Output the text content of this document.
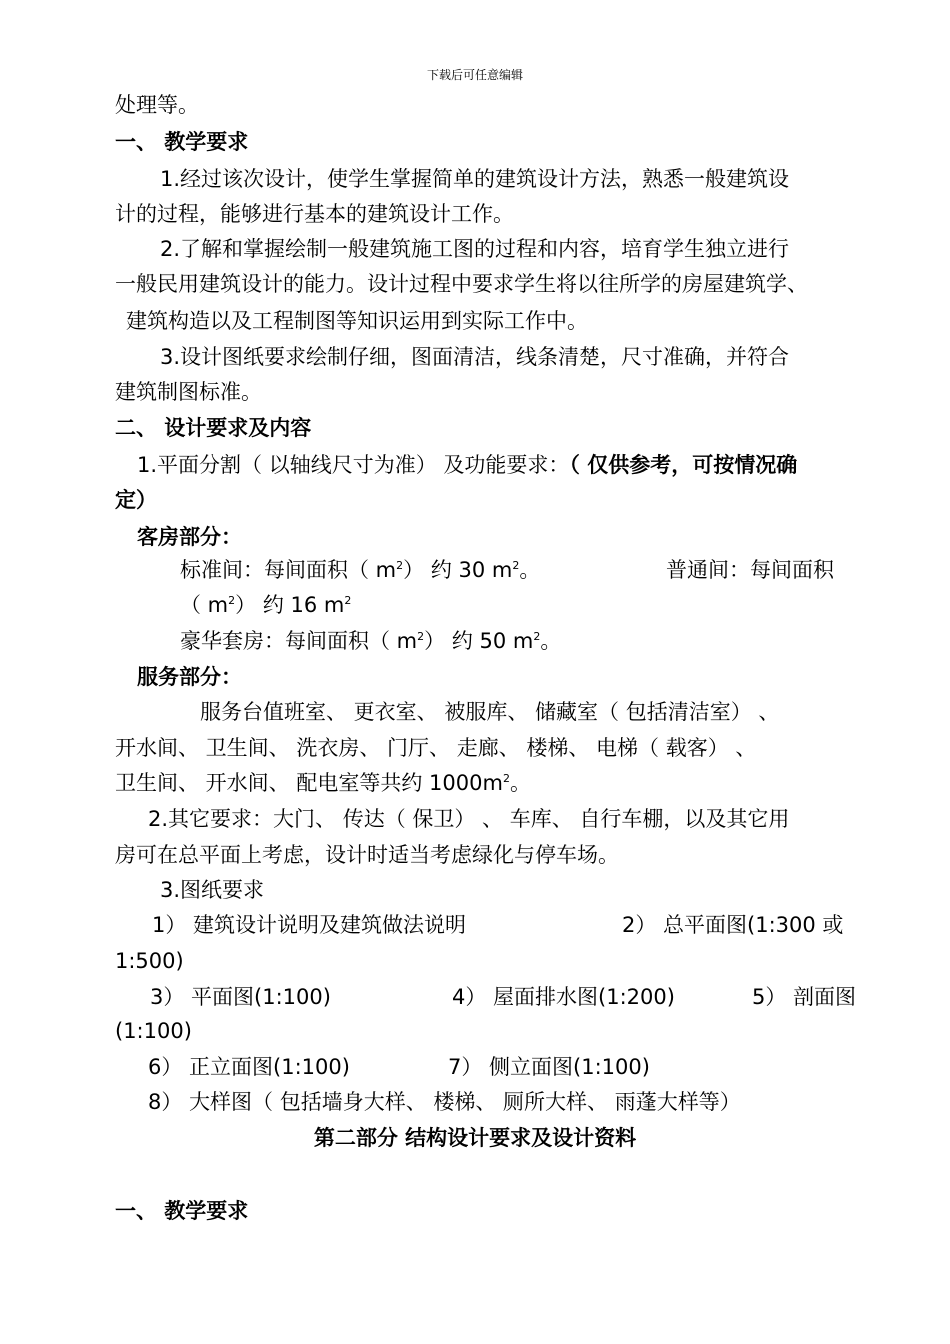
下载后可任意编辑
处理等。
一、 教学要求
1.经过该次设计，使学生掌握简单的建筑设计方法，熟悉一般建筑设
计的过程，能够进行基本的建筑设计工作。
2.了解和掌握绘制一般建筑施工图的过程和内容，培育学生独立进行
一般民用建筑设计的能力。设计过程中要求学生将以往所学的房屋建筑学、
建筑构造以及工程制图等知识运用到实际工作中。
3.设计图纸要求绘制仔细，图面清洁，线条清楚，尺寸准确，并符合
建筑制图标准。
二、 设计要求及内容
1.平面分割（ 以轴线尺寸为准） 及功能要求：（ 仅供参考，可按情况确
定）
客房部分：
标准间：每间面积（ $m^2$） 约 30 $m^2$。	普通间：每间面积
（ $m^2$） 约 16 $m^2$
豪华套房：每间面积（ $m^2$） 约 50 $m^2$。
服务部分：
服务台值班室、 更衣室、 被服库、 储藏室（ 包括清洁室） 、
开水间、 卫生间、 洗衣房、 门厅、 走廊、 楼梯、 电梯（ 载客） 、
卫生间、 开水间、 配电室等共约 $1000m^2$。
2.其它要求：大门、 传达（ 保卫） 、 车库、 自行车棚，以及其它用
房可在总平面上考虑，设计时适当考虑绿化与停车场。
3.图纸要求
1） 建筑设计说明及建筑做法说明	2） 总平面图(1:300 或
1:500)
3） 平面图(1:100)	4） 屋面排水图(1:200)	5） 剖面图
(1:100)
6） 正立面图(1:100)	7） 侧立面图(1:100)
8） 大样图（ 包括墙身大样、 楼梯、 厕所大样、 雨蓬大样等）
第二部分 结构设计要求及设计资料
一、 教学要求
